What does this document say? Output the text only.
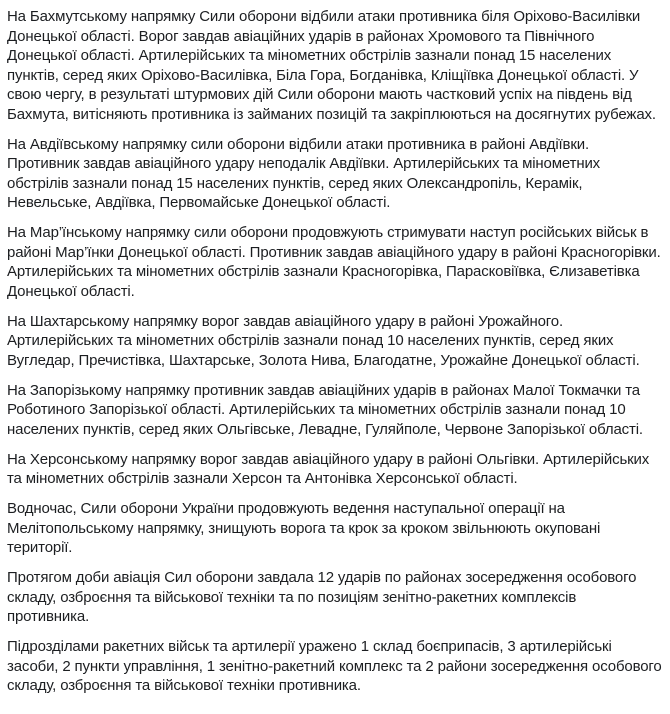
На Бахмутському напрямку Сили оборони відбили атаки противника біля Оріхово-Василівки Донецької області. Ворог завдав авіаційних ударів в районах Хромового та Північного Донецької області. Артилерійських та мінометних обстрілів зазнали понад 15 населених пунктів, серед яких Оріхово-Василівка, Біла Гора, Богданівка, Кліщіївка Донецької області. У свою чергу, в результаті штурмових дій Сили оборони мають частковий успіх на південь від Бахмута, витісняють противника із займаних позицій та закріплюються на досягнутих рубежах.

На Авдіївському напрямку сили оборони відбили атаки противника в районі Авдіївки. Противник завдав авіаційного удару неподалік Авдіївки. Артилерійських та мінометних обстрілів зазнали понад 15 населених пунктів, серед яких Олександропіль, Керамік, Невельське, Авдіївка, Первомайське Донецької області.

На Мар’їнському напрямку сили оборони продовжують стримувати наступ російських військ в районі Мар’їнки Донецької області. Противник завдав авіаційного удару в районі Красногорівки. Артилерійських та мінометних обстрілів зазнали Красногорівка, Парасковіївка, Єлизаветівка Донецької області.

На Шахтарському напрямку ворог завдав авіаційного удару в районі Урожайного. Артилерійських та мінометних обстрілів зазнали понад 10 населених пунктів, серед яких Вугледар, Пречистівка, Шахтарське, Золота Нива, Благодатне, Урожайне Донецької області.

На Запорізькому напрямку противник завдав авіаційних ударів в районах Малої Токмачки та Роботиного Запорізької області. Артилерійських та мінометних обстрілів зазнали понад 10 населених пунктів, серед яких Ольгівське, Левадне, Гуляйполе, Червоне Запорізької області.

На Херсонському напрямку ворог завдав авіаційного удару в районі Ольгівки. Артилерійських та мінометних обстрілів зазнали Херсон та Антонівка Херсонської області.

Водночас, Сили оборони України продовжують ведення наступальної операції на Мелітопольському напрямку, знищують ворога та крок за кроком звільнюють окуповані території.

Протягом доби авіація Сил оборони завдала 12 ударів по районах зосередження особового складу, озброєння та військової техніки та по позиціям зенітно-ракетних комплексів противника.

Підрозділами ракетних військ та артилерії уражено 1 склад боєприпасів, 3 артилерійські засоби, 2 пункти управління, 1 зенітно-ракетний комплекс та 2 райони зосередження особового складу, озброєння та військової техніки противника.
